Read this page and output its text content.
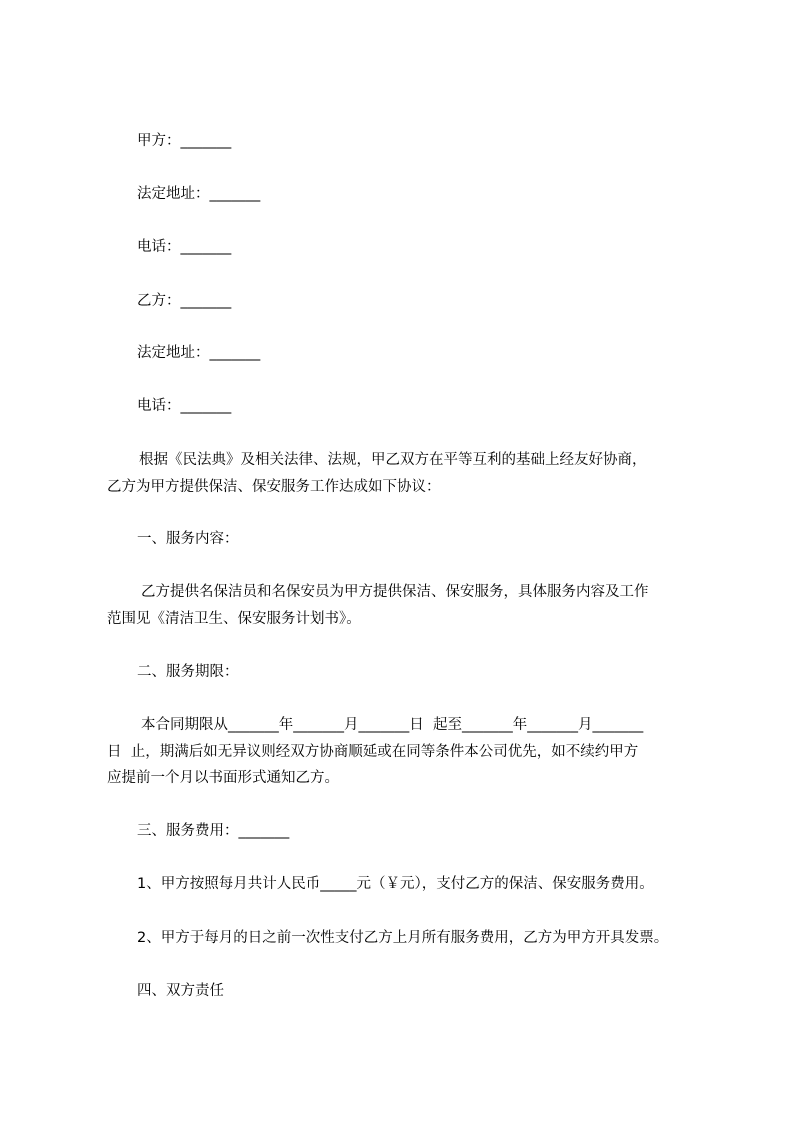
甲方：_______
法定地址：_______
电话：_______
乙方：_______
法定地址：_______
电话：_______
根据《民法典》及相关法律、法规，甲乙双方在平等互利的基础上经友好协商，
乙方为甲方提供保洁、保安服务工作达成如下协议：
一、服务内容：
乙方提供名保洁员和名保安员为甲方提供保洁、保安服务，具体服务内容及工作
范围见《清洁卫生、保安服务计划书》。
二、服务期限：
本合同期限从_______年_______月_______日  起至_______年_______月_______
日  止，期满后如无异议则经双方协商顺延或在同等条件本公司优先，如不续约甲方
应提前一个月以书面形式通知乙方。
三、服务费用：_______
1、甲方按照每月共计人民币_____元（￥元），支付乙方的保洁、保安服务费用。
2、甲方于每月的日之前一次性支付乙方上月所有服务费用，乙方为甲方开具发票。
四、双方责任
